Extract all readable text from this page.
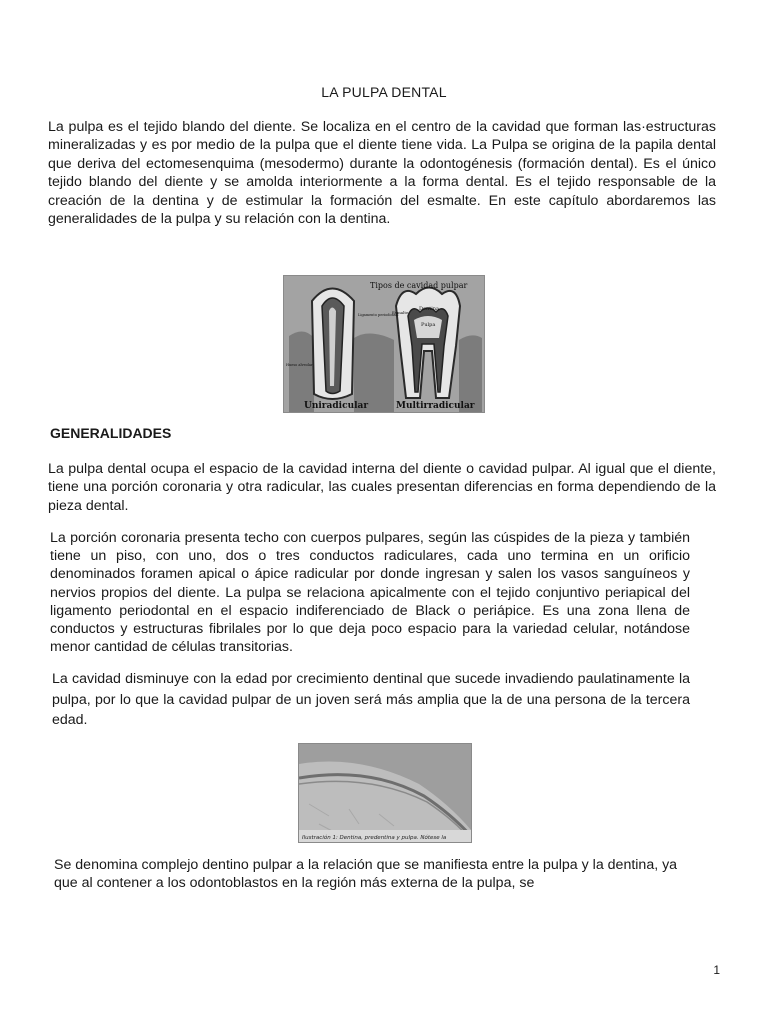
LA PULPA DENTAL

La pulpa es el tejido blando del diente. Se localiza en el centro de la cavidad que forman las·estructuras mineralizadas y es por medio de la pulpa que el diente tiene vida. La Pulpa se origina de la papila dental que deriva del ectomesenquima (mesodermo) durante la odontogénesis (formación dental). Es el único tejido blando del diente y se amolda interiormente a la forma dental. Es el tejido responsable de la creación de la dentina y de estimular la formación del esmalte. En este capítulo abordaremos las generalidades de la pulpa y su relación con la dentina.

Tipos de cavidad pulpar
Dentina
Pulpa
Esmalte
Ligamento periodontal
Hueso alveolar
Uniradicular	Multirradicular
GENERALIDADES

La pulpa dental ocupa el espacio de la cavidad interna del diente o cavidad pulpar. Al igual que el diente, tiene una porción coronaria y otra radicular, las cuales presentan diferencias en forma dependiendo de la pieza dental.

La porción coronaria presenta techo con cuerpos pulpares, según las cúspides de la pieza y también tiene un piso, con uno, dos o tres conductos radiculares, cada uno termina en un orificio denominados foramen apical o ápice radicular por donde ingresan y salen los vasos sanguíneos y nervios propios del diente. La pulpa se relaciona apicalmente con el tejido conjuntivo periapical del ligamento periodontal en el espacio indiferenciado de Black o periápice. Es una zona llena de conductos y estructuras fibrilales por lo que deja poco espacio para la variedad celular, notándose menor cantidad de células transitorias.

La cavidad disminuye con la edad por crecimiento dentinal que sucede invadiendo paulatinamente la pulpa, por lo que la cavidad pulpar de un joven será más amplia que la de una persona de la tercera edad.

Ilustración 1: Dentina, predentina y pulpa. Nótese la

Se denomina complejo dentino pulpar a la relación que se manifiesta entre la pulpa y la dentina, ya que al contener a los odontoblastos en la región más externa de la pulpa, se

1
